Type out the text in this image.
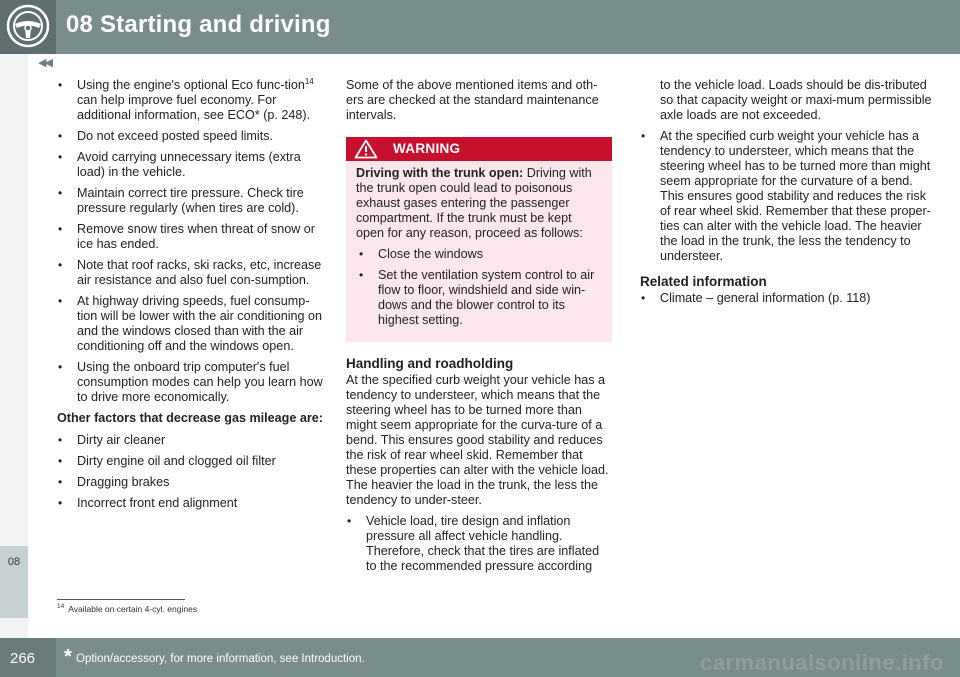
08 Starting and driving
◀◀
08
• Using the engine's optional Eco func-tion$^{14}$ can help improve fuel economy. For additional information, see ECO* (p. 248).
• Do not exceed posted speed limits.
• Avoid carrying unnecessary items (extra load) in the vehicle.
• Maintain correct tire pressure. Check tire pressure regularly (when tires are cold).
• Remove snow tires when threat of snow or ice has ended.
• Note that roof racks, ski racks, etc, increase air resistance and also fuel con-sumption.
• At highway driving speeds, fuel consump-tion will be lower with the air conditioning on and the windows closed than with the air conditioning off and the windows open.
• Using the onboard trip computer's fuel consumption modes can help you learn how to drive more economically.
Other factors that decrease gas mileage are:
• Dirty air cleaner
• Dirty engine oil and clogged oil filter
• Dragging brakes
• Incorrect front end alignment
Some of the above mentioned items and oth-ers are checked at the standard maintenance intervals.
WARNING
Driving with the trunk open: Driving with the trunk open could lead to poisonous exhaust gases entering the passenger compartment. If the trunk must be kept open for any reason, proceed as follows:
• Close the windows
• Set the ventilation system control to air flow to floor, windshield and side win-dows and the blower control to its highest setting.
Handling and roadholding
At the specified curb weight your vehicle has a tendency to understeer, which means that the steering wheel has to be turned more than might seem appropriate for the curva-ture of a bend. This ensures good stability and reduces the risk of rear wheel skid. Remember that these properties can alter with the vehicle load. The heavier the load in the trunk, the less the tendency to under-steer.
• Vehicle load, tire design and inflation pressure all affect vehicle handling. Therefore, check that the tires are inflated to the recommended pressure according
to the vehicle load. Loads should be dis-tributed so that capacity weight or maxi-mum permissible axle loads are not exceeded.
• At the specified curb weight your vehicle has a tendency to understeer, which means that the steering wheel has to be turned more than might seem appropriate for the curvature of a bend. This ensures good stability and reduces the risk of rear wheel skid. Remember that these proper-ties can alter with the vehicle load. The heavier the load in the trunk, the less the tendency to understeer.
Related information
• Climate – general information (p. 118)
$^{14}$ Available on certain 4-cyl. engines
266 * Option/accessory, for more information, see Introduction.	carmanualsonline.info
